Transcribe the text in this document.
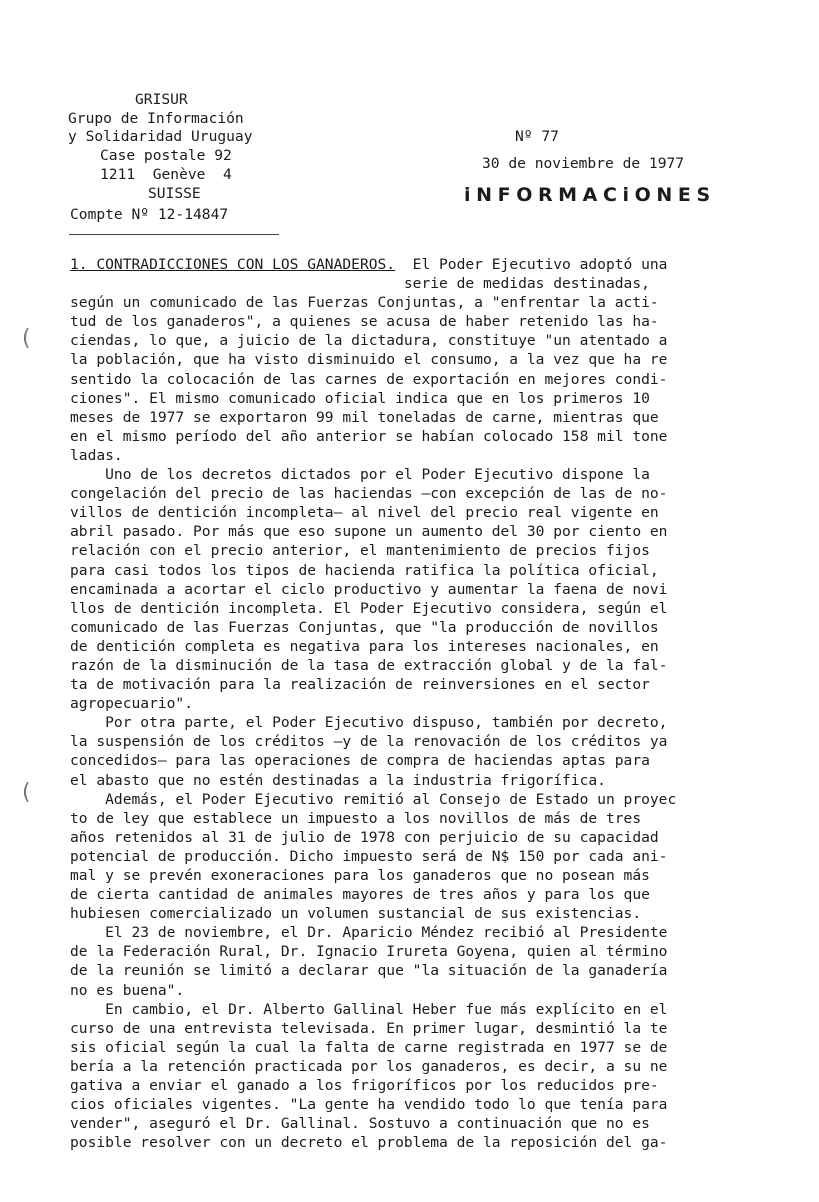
GRISUR
Grupo de Información
y Solidaridad Uruguay
Case postale 92
1211  Genève  4
SUISSE
Compte Nº 12-14847
Nº 77
30 de noviembre de 1977
iNFORMACiONES
1. CONTRADICCIONES CON LOS GANADEROS.  El Poder Ejecutivo adoptó una
serie de medidas destinadas,
según un comunicado de las Fuerzas Conjuntas, a "enfrentar la acti-
tud de los ganaderos", a quienes se acusa de haber retenido las ha-
ciendas, lo que, a juicio de la dictadura, constituye "un atentado a
la población, que ha visto disminuido el consumo, a la vez que ha re
sentido la colocación de las carnes de exportación en mejores condi-
ciones". El mismo comunicado oficial indica que en los primeros 10
meses de 1977 se exportaron 99 mil toneladas de carne, mientras que
en el mismo período del año anterior se habían colocado 158 mil tone
ladas.
Uno de los decretos dictados por el Poder Ejecutivo dispone la
congelación del precio de las haciendas —con excepción de las de no-
villos de dentición incompleta— al nivel del precio real vigente en
abril pasado. Por más que eso supone un aumento del 30 por ciento en
relación con el precio anterior, el mantenimiento de precios fijos
para casi todos los tipos de hacienda ratifica la política oficial,
encaminada a acortar el ciclo productivo y aumentar la faena de novi
llos de dentición incompleta. El Poder Ejecutivo considera, según el
comunicado de las Fuerzas Conjuntas, que "la producción de novillos
de dentición completa es negativa para los intereses nacionales, en
razón de la disminución de la tasa de extracción global y de la fal-
ta de motivación para la realización de reinversiones en el sector
agropecuario".
Por otra parte, el Poder Ejecutivo dispuso, también por decreto,
la suspensión de los créditos —y de la renovación de los créditos ya
concedidos— para las operaciones de compra de haciendas aptas para
el abasto que no estén destinadas a la industria frigorífica.
Además, el Poder Ejecutivo remitió al Consejo de Estado un proyec
to de ley que establece un impuesto a los novillos de más de tres
años retenidos al 31 de julio de 1978 con perjuicio de su capacidad
potencial de producción. Dicho impuesto será de N$ 150 por cada ani-
mal y se prevén exoneraciones para los ganaderos que no posean más
de cierta cantidad de animales mayores de tres años y para los que
hubiesen comercializado un volumen sustancial de sus existencias.
El 23 de noviembre, el Dr. Aparicio Méndez recibió al Presidente
de la Federación Rural, Dr. Ignacio Irureta Goyena, quien al término
de la reunión se limitó a declarar que "la situación de la ganadería
no es buena".
En cambio, el Dr. Alberto Gallinal Heber fue más explícito en el
curso de una entrevista televisada. En primer lugar, desmintió la te
sis oficial según la cual la falta de carne registrada en 1977 se de
bería a la retención practicada por los ganaderos, es decir, a su ne
gativa a enviar el ganado a los frigoríficos por los reducidos pre-
cios oficiales vigentes. "La gente ha vendido todo lo que tenía para
vender", aseguró el Dr. Gallinal. Sostuvo a continuación que no es
posible resolver con un decreto el problema de la reposición del ga-
(
(
